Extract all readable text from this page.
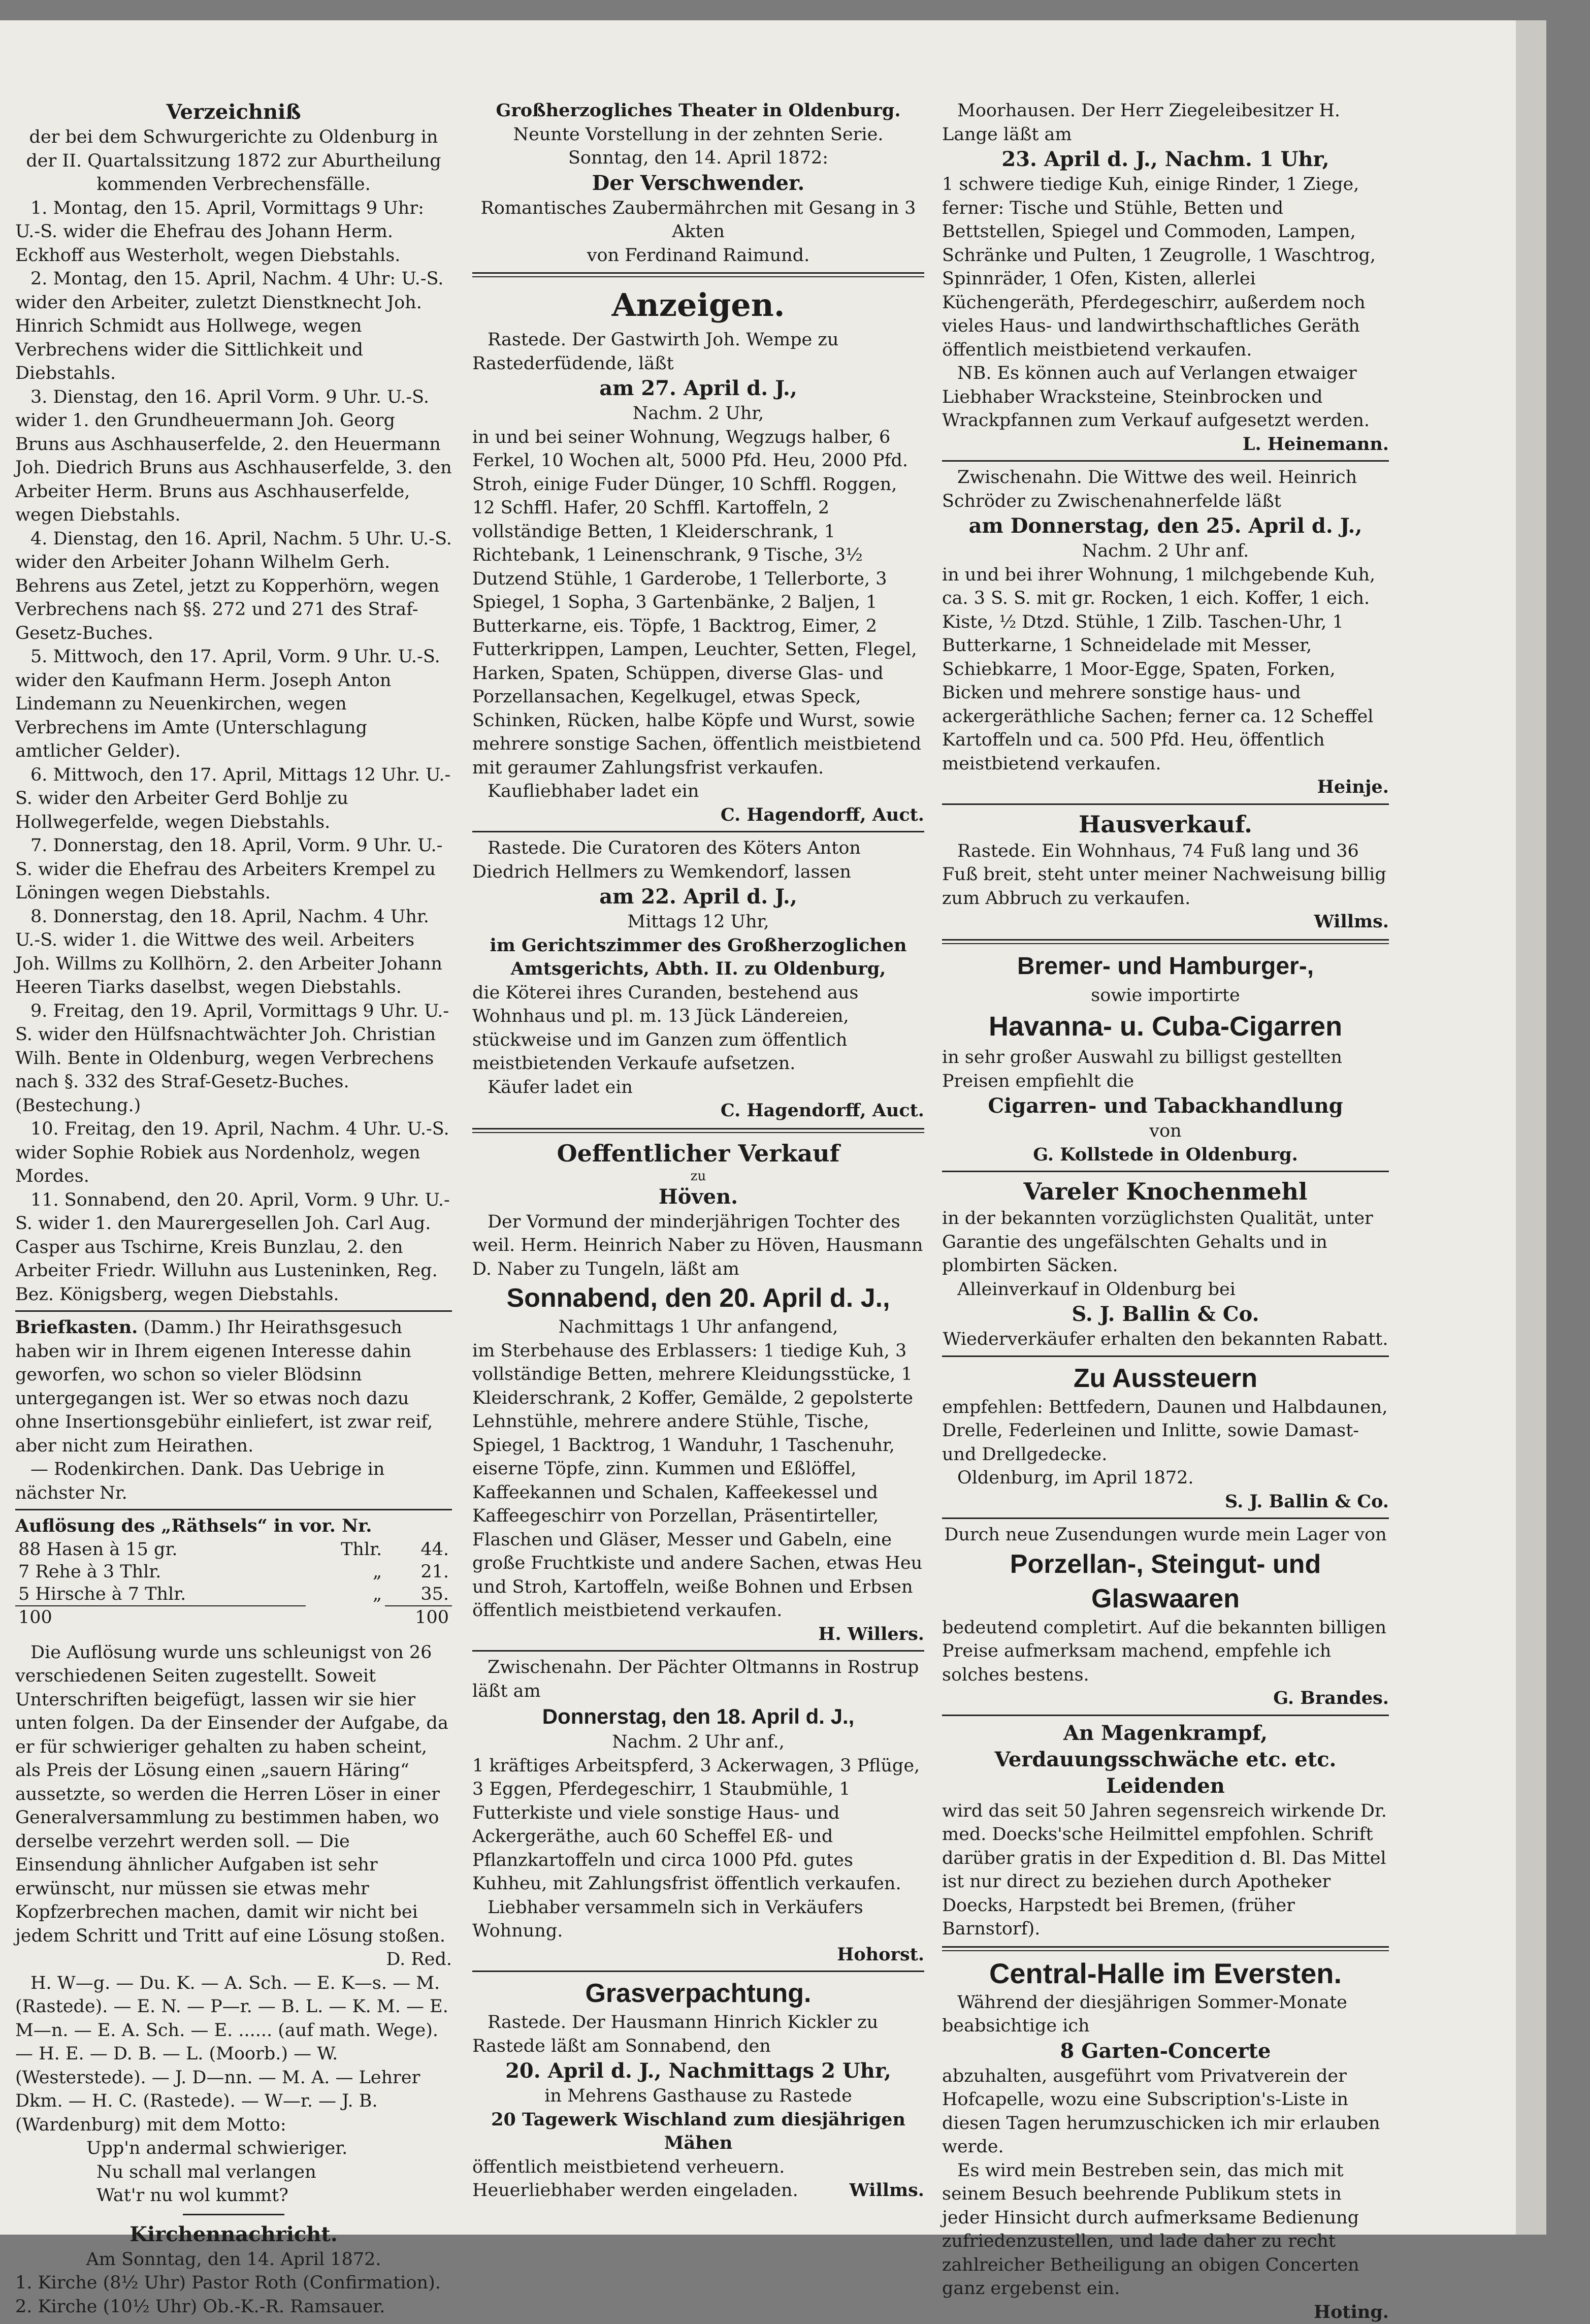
Verzeichniß

der bei dem Schwurgerichte zu Oldenburg in der II. Quartalssitzung 1872 zur Aburtheilung kommenden Verbrechensfälle.

1. Montag, den 15. April, Vormittags 9 Uhr: U.-S. wider die Ehefrau des Johann Herm. Eckhoff aus Westerholt, wegen Diebstahls.

2. Montag, den 15. April, Nachm. 4 Uhr: U.-S. wider den Arbeiter, zuletzt Dienstknecht Joh. Hinrich Schmidt aus Hollwege, wegen Verbrechens wider die Sittlichkeit und Diebstahls.

3. Dienstag, den 16. April Vorm. 9 Uhr. U.-S. wider 1. den Grundheuermann Joh. Georg Bruns aus Aschhauserfelde, 2. den Heuermann Joh. Diedrich Bruns aus Aschhauserfelde, 3. den Arbeiter Herm. Bruns aus Aschhauserfelde, wegen Diebstahls.

4. Dienstag, den 16. April, Nachm. 5 Uhr. U.-S. wider den Arbeiter Johann Wilhelm Gerh. Behrens aus Zetel, jetzt zu Kopperhörn, wegen Verbrechens nach §§. 272 und 271 des Straf-Gesetz-Buches.

5. Mittwoch, den 17. April, Vorm. 9 Uhr. U.-S. wider den Kaufmann Herm. Joseph Anton Lindemann zu Neuenkirchen, wegen Verbrechens im Amte (Unterschlagung amtlicher Gelder).

6. Mittwoch, den 17. April, Mittags 12 Uhr. U.-S. wider den Arbeiter Gerd Bohlje zu Hollwegerfelde, wegen Diebstahls.

7. Donnerstag, den 18. April, Vorm. 9 Uhr. U.-S. wider die Ehefrau des Arbeiters Krempel zu Löningen wegen Diebstahls.

8. Donnerstag, den 18. April, Nachm. 4 Uhr. U.-S. wider 1. die Wittwe des weil. Arbeiters Joh. Willms zu Kollhörn, 2. den Arbeiter Johann Heeren Tiarks daselbst, wegen Diebstahls.

9. Freitag, den 19. April, Vormittags 9 Uhr. U.-S. wider den Hülfsnachtwächter Joh. Christian Wilh. Bente in Oldenburg, wegen Verbrechens nach §. 332 des Straf-Gesetz-Buches. (Bestechung.)

10. Freitag, den 19. April, Nachm. 4 Uhr. U.-S. wider Sophie Robiek aus Nordenholz, wegen Mordes.

11. Sonnabend, den 20. April, Vorm. 9 Uhr. U.-S. wider 1. den Maurergesellen Joh. Carl Aug. Casper aus Tschirne, Kreis Bunzlau, 2. den Arbeiter Friedr. Willuhn aus Lusteninken, Reg. Bez. Königsberg, wegen Diebstahls.

Briefkasten. (Damm.) Ihr Heirathsgesuch haben wir in Ihrem eigenen Interesse dahin geworfen, wo schon so vieler Blödsinn untergegangen ist. Wer so etwas noch dazu ohne Insertionsgebühr einliefert, ist zwar reif, aber nicht zum Heirathen.

— Rodenkirchen. Dank. Das Uebrige in nächster Nr.

Auflösung des „Räthsels“ in vor. Nr.

88 Hasen à 15 gr.	Thlr.	44.
7 Rehe à 3 Thlr.	„	21.
5 Hirsche à 7 Thlr.	„	35.
100		100

Die Auflösung wurde uns schleunigst von 26 verschiedenen Seiten zugestellt. Soweit Unterschriften beigefügt, lassen wir sie hier unten folgen. Da der Einsender der Aufgabe, da er für schwieriger gehalten zu haben scheint, als Preis der Lösung einen „sauern Häring“ aussetzte, so werden die Herren Löser in einer Generalversammlung zu bestimmen haben, wo derselbe verzehrt werden soll. — Die Einsendung ähnlicher Aufgaben ist sehr erwünscht, nur müssen sie etwas mehr Kopfzerbrechen machen, damit wir nicht bei jedem Schritt und Tritt auf eine Lösung stoßen.

D. Red.

H. W—g. — Du. K. — A. Sch. — E. K—s. — M. (Rastede). — E. N. — P—r. — B. L. — K. M. — E. M—n. — E. A. Sch. — E. ...... (auf math. Wege). — H. E. — D. B. — L. (Moorb.) — W. (Westerstede). — J. D—nn. — M. A. — Lehrer Dkm. — H. C. (Rastede). — W—r. — J. B. (Wardenburg) mit dem Motto:

Upp'n andermal schwieriger.

Nu schall mal verlangen

Wat'r nu wol kummt?

Kirchennachricht.

Am Sonntag, den 14. April 1872.

1. Kirche (8½ Uhr) Pastor Roth (Confirmation).

2. Kirche (10½ Uhr) Ob.-K.-R. Ramsauer.

Großherzogliches Theater in Oldenburg.

Neunte Vorstellung in der zehnten Serie.

Sonntag, den 14. April 1872:

Der Verschwender.

Romantisches Zaubermährchen mit Gesang in 3 Akten

von Ferdinand Raimund.

Anzeigen.

Rastede. Der Gastwirth Joh. Wempe zu Rastederfüdende, läßt

am 27. April d. J.,

Nachm. 2 Uhr,

in und bei seiner Wohnung, Wegzugs halber, 6 Ferkel, 10 Wochen alt, 5000 Pfd. Heu, 2000 Pfd. Stroh, einige Fuder Dünger, 10 Schffl. Roggen, 12 Schffl. Hafer, 20 Schffl. Kartoffeln, 2 vollständige Betten, 1 Kleiderschrank, 1 Richtebank, 1 Leinenschrank, 9 Tische, 3½ Dutzend Stühle, 1 Garderobe, 1 Tellerborte, 3 Spiegel, 1 Sopha, 3 Gartenbänke, 2 Baljen, 1 Butterkarne, eis. Töpfe, 1 Backtrog, Eimer, 2 Futterkrippen, Lampen, Leuchter, Setten, Flegel, Harken, Spaten, Schüppen, diverse Glas- und Porzellansachen, Kegelkugel, etwas Speck, Schinken, Rücken, halbe Köpfe und Wurst, sowie mehrere sonstige Sachen, öffentlich meistbietend mit geraumer Zahlungsfrist verkaufen.

Kaufliebhaber ladet ein

C. Hagendorff, Auct.

Rastede. Die Curatoren des Köters Anton Diedrich Hellmers zu Wemkendorf, lassen

am 22. April d. J.,

Mittags 12 Uhr,

im Gerichtszimmer des Großherzoglichen Amtsgerichts, Abth. II. zu Oldenburg,

die Köterei ihres Curanden, bestehend aus Wohnhaus und pl. m. 13 Jück Ländereien, stückweise und im Ganzen zum öffentlich meistbietenden Verkaufe aufsetzen.

Käufer ladet ein

C. Hagendorff, Auct.

Oeffentlicher Verkauf

zu

Höven.

Der Vormund der minderjährigen Tochter des weil. Herm. Heinrich Naber zu Höven, Hausmann D. Naber zu Tungeln, läßt am

Sonnabend, den 20. April d. J.,

Nachmittags 1 Uhr anfangend,

im Sterbehause des Erblassers: 1 tiedige Kuh, 3 vollständige Betten, mehrere Kleidungsstücke, 1 Kleiderschrank, 2 Koffer, Gemälde, 2 gepolsterte Lehnstühle, mehrere andere Stühle, Tische, Spiegel, 1 Backtrog, 1 Wanduhr, 1 Taschenuhr, eiserne Töpfe, zinn. Kummen und Eßlöffel, Kaffeekannen und Schalen, Kaffeekessel und Kaffeegeschirr von Porzellan, Präsentirteller, Flaschen und Gläser, Messer und Gabeln, eine große Fruchtkiste und andere Sachen, etwas Heu und Stroh, Kartoffeln, weiße Bohnen und Erbsen öffentlich meistbietend verkaufen.

H. Willers.

Zwischenahn. Der Pächter Oltmanns in Rostrup läßt am

Donnerstag, den 18. April d. J.,

Nachm. 2 Uhr anf.,

1 kräftiges Arbeitspferd, 3 Ackerwagen, 3 Pflüge, 3 Eggen, Pferdegeschirr, 1 Staubmühle, 1 Futterkiste und viele sonstige Haus- und Ackergeräthe, auch 60 Scheffel Eß- und Pflanzkartoffeln und circa 1000 Pfd. gutes Kuhheu, mit Zahlungsfrist öffentlich verkaufen.

Liebhaber versammeln sich in Verkäufers Wohnung.

Hohorst.

Grasverpachtung.

Rastede. Der Hausmann Hinrich Kickler zu Rastede läßt am Sonnabend, den

20. April d. J., Nachmittags 2 Uhr,

in Mehrens Gasthause zu Rastede

20 Tagewerk Wischland zum diesjährigen Mähen

öffentlich meistbietend verheuern.

Heuerliebhaber werden eingeladen.	Willms.

Moorhausen. Der Herr Ziegeleibesitzer H. Lange läßt am

23. April d. J., Nachm. 1 Uhr,

1 schwere tiedige Kuh, einige Rinder, 1 Ziege, ferner: Tische und Stühle, Betten und Bettstellen, Spiegel und Commoden, Lampen, Schränke und Pulten, 1 Zeugrolle, 1 Waschtrog, Spinnräder, 1 Ofen, Kisten, allerlei Küchengeräth, Pferdegeschirr, außerdem noch vieles Haus- und landwirthschaftliches Geräth öffentlich meistbietend verkaufen.

NB. Es können auch auf Verlangen etwaiger Liebhaber Wracksteine, Steinbrocken und Wrackpfannen zum Verkauf aufgesetzt werden.

L. Heinemann.

Zwischenahn. Die Wittwe des weil. Heinrich Schröder zu Zwischenahnerfelde läßt

am Donnerstag, den 25. April d. J.,

Nachm. 2 Uhr anf.

in und bei ihrer Wohnung, 1 milchgebende Kuh, ca. 3 S. S. mit gr. Rocken, 1 eich. Koffer, 1 eich. Kiste, ½ Dtzd. Stühle, 1 Zilb. Taschen-Uhr, 1 Butterkarne, 1 Schneidelade mit Messer, Schiebkarre, 1 Moor-Egge, Spaten, Forken, Bicken und mehrere sonstige haus- und ackergeräthliche Sachen; ferner ca. 12 Scheffel Kartoffeln und ca. 500 Pfd. Heu, öffentlich meistbietend verkaufen.

Heinje.

Hausverkauf.

Rastede. Ein Wohnhaus, 74 Fuß lang und 36 Fuß breit, steht unter meiner Nachweisung billig zum Abbruch zu verkaufen.

Willms.

Bremer- und Hamburger-,

sowie importirte

Havanna- u. Cuba-Cigarren

in sehr großer Auswahl zu billigst gestellten Preisen empfiehlt die

Cigarren- und Tabackhandlung

von

G. Kollstede in Oldenburg.

Vareler Knochenmehl

in der bekannten vorzüglichsten Qualität, unter Garantie des ungefälschten Gehalts und in plombirten Säcken.

Alleinverkauf in Oldenburg bei

S. J. Ballin & Co.

Wiederverkäufer erhalten den bekannten Rabatt.

Zu Aussteuern

empfehlen: Bettfedern, Daunen und Halbdaunen, Drelle, Federleinen und Inlitte, sowie Damast- und Drellgedecke.

Oldenburg, im April 1872.

S. J. Ballin & Co.

Durch neue Zusendungen wurde mein Lager von

Porzellan-, Steingut- und Glaswaaren

bedeutend completirt. Auf die bekannten billigen Preise aufmerksam machend, empfehle ich solches bestens.

G. Brandes.

An Magenkrampf, Verdauungsschwäche etc. etc. Leidenden

wird das seit 50 Jahren segensreich wirkende Dr. med. Doecks'sche Heilmittel empfohlen. Schrift darüber gratis in der Expedition d. Bl. Das Mittel ist nur direct zu beziehen durch Apotheker Doecks, Harpstedt bei Bremen, (früher Barnstorf).

Central-Halle im Eversten.

Während der diesjährigen Sommer-Monate beabsichtige ich

8 Garten-Concerte

abzuhalten, ausgeführt vom Privatverein der Hofcapelle, wozu eine Subscription's-Liste in diesen Tagen herumzuschicken ich mir erlauben werde.

Es wird mein Bestreben sein, das mich mit seinem Besuch beehrende Publikum stets in jeder Hinsicht durch aufmerksame Bedienung zufriedenzustellen, und lade daher zu recht zahlreicher Betheiligung an obigen Concerten ganz ergebenst ein.

Hoting.
